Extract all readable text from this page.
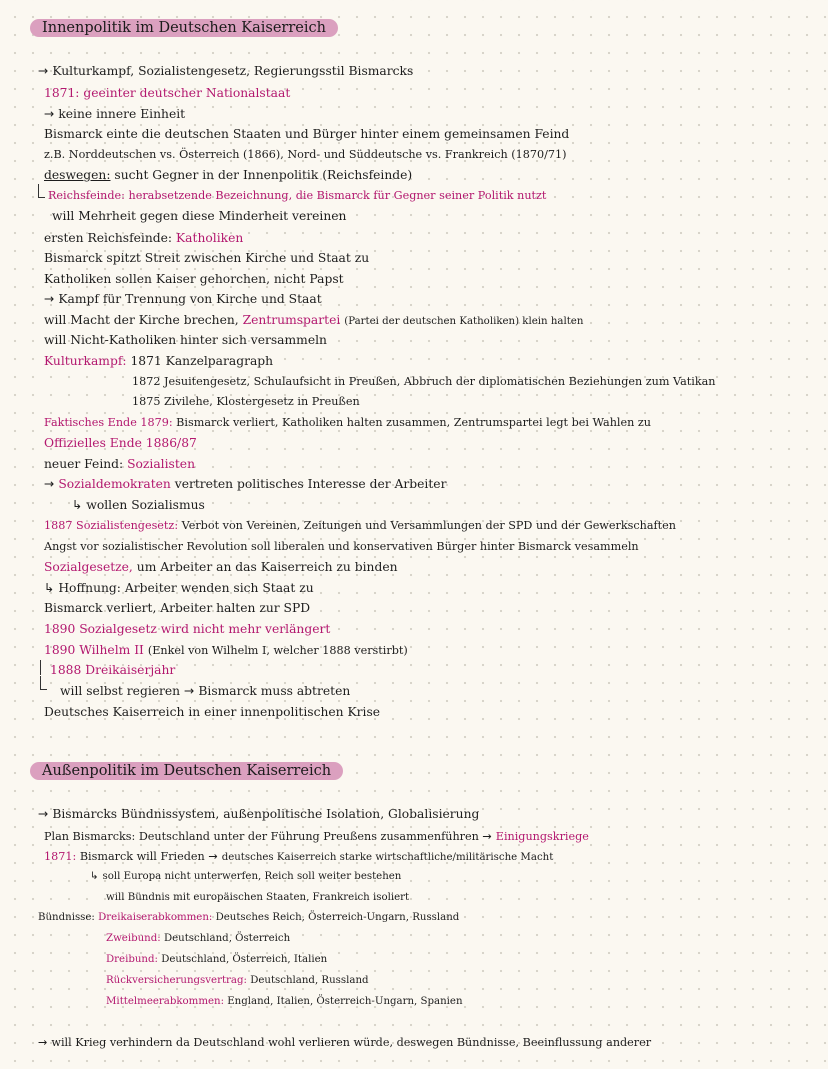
Innenpolitik im Deutschen Kaiserreich
→ Kulturkampf, Sozialistengesetz, Regierungsstil Bismarcks
1871: geeinter deutscher Nationalstaat
→ keine innere Einheit
Bismarck einte die deutschen Staaten und Bürger hinter einem gemeinsamen Feind
z.B. Norddeutschen vs. Österreich (1866), Nord- und Süddeutsche vs. Frankreich (1870/71)
deswegen: sucht Gegner in der Innenpolitik (Reichsfeinde)
Reichsfeinde: herabsetzende Bezeichnung, die Bismarck für Gegner seiner Politik nutzt
will Mehrheit gegen diese Minderheit vereinen
ersten Reichsfeinde: Katholiken
Bismarck spitzt Streit zwischen Kirche und Staat zu
Katholiken sollen Kaiser gehorchen, nicht Papst
→ Kampf für Trennung von Kirche und Staat
will Macht der Kirche brechen, Zentrumspartei (Partei der deutschen Katholiken) klein halten
will Nicht-Katholiken hinter sich versammeln
Kulturkampf: 1871 Kanzelparagraph
1872 Jesuitengesetz, Schulaufsicht in Preußen, Abbruch der diplomatischen Beziehungen zum Vatikan
1875 Zivilehe, Klostergesetz in Preußen
Faktisches Ende 1879: Bismarck verliert, Katholiken halten zusammen, Zentrumspartei legt bei Wahlen zu
Offizielles Ende 1886/87
neuer Feind: Sozialisten
→ Sozialdemokraten vertreten politisches Interesse der Arbeiter
↳ wollen Sozialismus
1887 Sozialistengesetz: Verbot von Vereinen, Zeitungen und Versammlungen der SPD und der Gewerkschaften
Angst vor sozialistischer Revolution soll liberalen und konservativen Bürger hinter Bismarck vesammeln
Sozialgesetze, um Arbeiter an das Kaiserreich zu binden
↳ Hoffnung: Arbeiter wenden sich Staat zu
Bismarck verliert, Arbeiter halten zur SPD
1890 Sozialgesetz wird nicht mehr verlängert
1890 Wilhelm II (Enkel von Wilhelm I, welcher 1888 verstirbt)
1888 Dreikaiserjahr
will selbst regieren → Bismarck muss abtreten
Deutsches Kaiserreich in einer innenpolitischen Krise
Außenpolitik im Deutschen Kaiserreich
→ Bismarcks Bündnissystem, außenpolitische Isolation, Globalisierung
Plan Bismarcks: Deutschland unter der Führung Preußens zusammenführen → Einigungskriege
1871: Bismarck will Frieden → deutsches Kaiserreich starke wirtschaftliche/militärische Macht
↳ soll Europa nicht unterwerfen, Reich soll weiter bestehen
will Bündnis mit europäischen Staaten, Frankreich isoliert
Bündnisse: Dreikaiserabkommen: Deutsches Reich, Österreich-Ungarn, Russland
Zweibund: Deutschland, Österreich
Dreibund: Deutschland, Österreich, Italien
Rückversicherungsvertrag: Deutschland, Russland
Mittelmeerabkommen: England, Italien, Österreich-Ungarn, Spanien
→ will Krieg verhindern da Deutschland wohl verlieren würde, deswegen Bündnisse, Beeinflussung anderer
